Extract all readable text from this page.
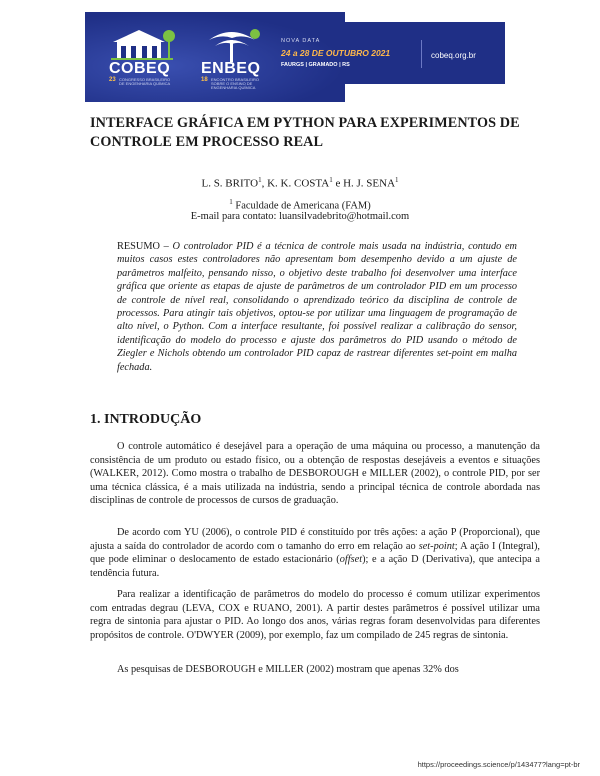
COBEQ
23 CONGRESSO BRASILEIRO DE ENGENHARIA QUÍMICA
ENBEQ
18 ENCONTRO BRASILEIRO SOBRE O ENSINO DE ENGENHARIA QUÍMICA
NOVA DATA
24 a 28 DE OUTUBRO 2021
FAURGS | GRAMADO | RS
cobeq.org.br
INTERFACE GRÁFICA EM PYTHON PARA EXPERIMENTOS DE CONTROLE EM PROCESSO REAL
L. S. BRITO$^1$, K. K. COSTA$^1$ e H. J. SENA$^1$
$^1$ Faculdade de Americana (FAM)
E-mail para contato: luansilvadebrito@hotmail.com
RESUMO – O controlador PID é a técnica de controle mais usada na indústria, contudo em muitos casos estes controladores não apresentam bom desempenho devido a um ajuste de parâmetros malfeito, pensando nisso, o objetivo deste trabalho foi desenvolver uma interface gráfica que oriente as etapas de ajuste de parâmetros de um controlador PID em um processo de controle de nível real, consolidando o aprendizado teórico da disciplina de controle de processos. Para atingir tais objetivos, optou-se por utilizar uma linguagem de programação de alto nível, o Python. Com a interface resultante, foi possível realizar a calibração do sensor, identificação do modelo do processo e ajuste dos parâmetros do PID usando o método de Ziegler e Nichols obtendo um controlador PID capaz de rastrear diferentes set-point em malha fechada.
1. INTRODUÇÃO
O controle automático é desejável para a operação de uma máquina ou processo, a manutenção da consistência de um produto ou estado físico, ou a obtenção de respostas desejáveis a eventos e situações (WALKER, 2012). Como mostra o trabalho de DESBOROUGH e MILLER (2002), o controle PID, por ser uma técnica clássica, é a mais utilizada na indústria, sendo a principal técnica de controle abordada nas disciplinas de controle de processos de cursos de graduação.
De acordo com YU (2006), o controle PID é constituído por três ações: a ação P (Proporcional), que ajusta a saída do controlador de acordo com o tamanho do erro em relação ao set-point; A ação I (Integral), que pode eliminar o deslocamento de estado estacionário (offset); e a ação D (Derivativa), que antecipa a tendência futura.
Para realizar a identificação de parâmetros do modelo do processo é comum utilizar experimentos com entradas degrau (LEVA, COX e RUANO, 2001). A partir destes parâmetros é possível utilizar uma regra de sintonia para ajustar o PID. Ao longo dos anos, várias regras foram desenvolvidas para diferentes propósitos de controle. O'DWYER (2009), por exemplo, faz um compilado de 245 regras de sintonia.
As pesquisas de DESBOROUGH e MILLER (2002) mostram que apenas 32% dos
https://proceedings.science/p/143477?lang=pt-br
